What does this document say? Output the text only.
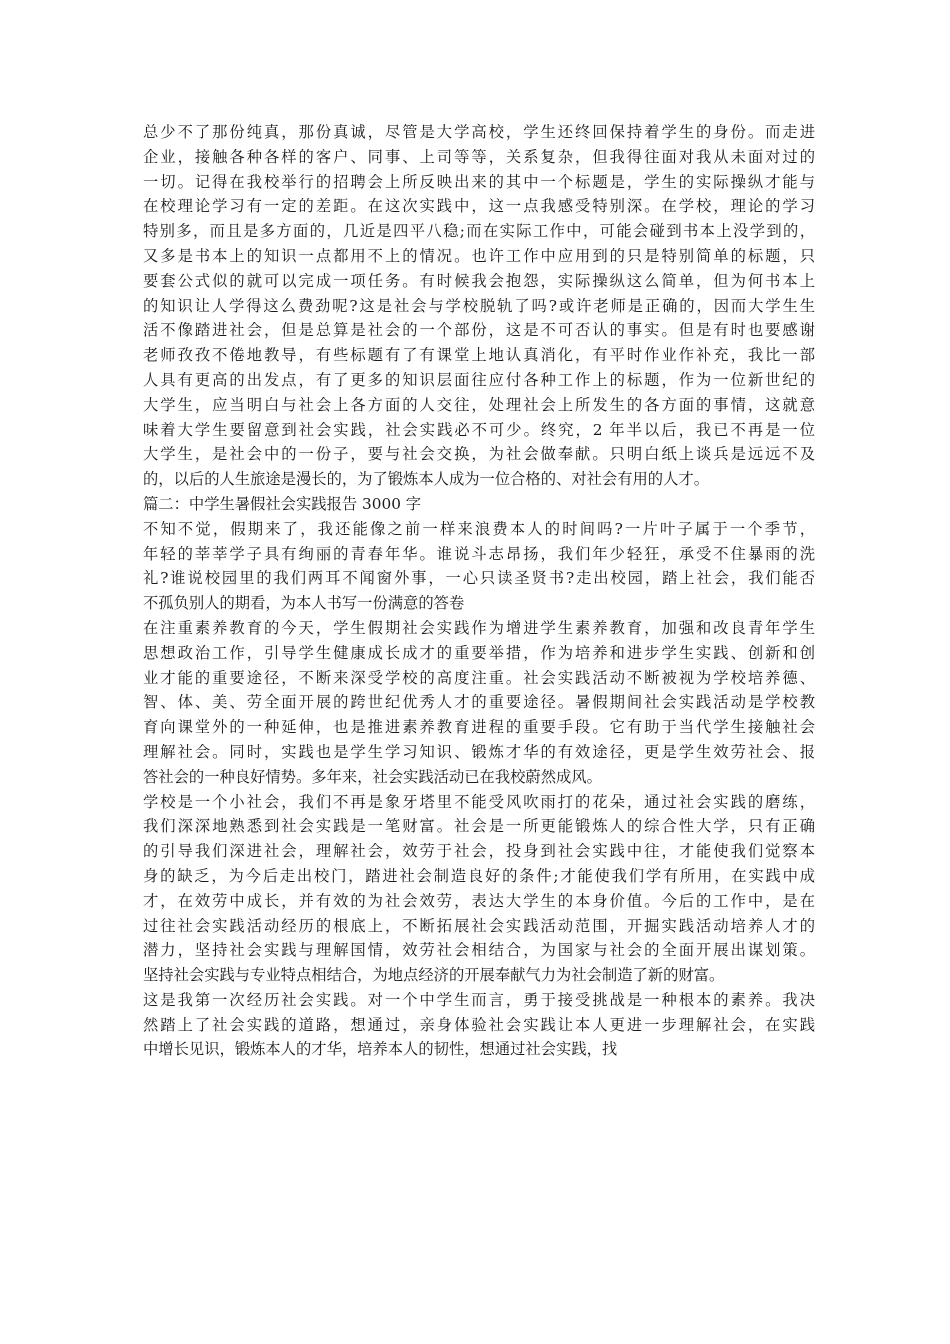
总少不了那份纯真，那份真诚，尽管是大学高校，学生还终回保持着学生的身份。而走进
企业，接触各种各样的客户、同事、上司等等，关系复杂，但我得往面对我从未面对过的
一切。记得在我校举行的招聘会上所反映出来的其中一个标题是，学生的实际操纵才能与
在校理论学习有一定的差距。在这次实践中，这一点我感受特别深。在学校，理论的学习
特别多，而且是多方面的，几近是四平八稳;而在实际工作中，可能会碰到书本上没学到的，
又多是书本上的知识一点都用不上的情况。也许工作中应用到的只是特别简单的标题，只
要套公式似的就可以完成一项任务。有时候我会抱怨，实际操纵这么简单，但为何书本上
的知识让人学得这么费劲呢?这是社会与学校脱轨了吗?或许老师是正确的，因而大学生生
活不像踏进社会，但是总算是社会的一个部份，这是不可否认的事实。但是有时也要感谢
老师孜孜不倦地教导，有些标题有了有课堂上地认真消化，有平时作业作补充，我比一部
人具有更高的出发点，有了更多的知识层面往应付各种工作上的标题，作为一位新世纪的
大学生，应当明白与社会上各方面的人交往，处理社会上所发生的各方面的事情，这就意
味着大学生要留意到社会实践，社会实践必不可少。终究，2 年半以后，我已不再是一位
大学生，是社会中的一份子，要与社会交换，为社会做奉献。只明白纸上谈兵是远远不及
的，以后的人生旅途是漫长的，为了锻炼本人成为一位合格的、对社会有用的人才。
篇二：中学生暑假社会实践报告 3000 字
不知不觉，假期来了，我还能像之前一样来浪费本人的时间吗?一片叶子属于一个季节，
年轻的莘莘学子具有绚丽的青春年华。谁说斗志昂扬，我们年少轻狂，承受不住暴雨的洗
礼?谁说校园里的我们两耳不闻窗外事，一心只读圣贤书?走出校园，踏上社会，我们能否
不孤负别人的期看，为本人书写一份满意的答卷
在注重素养教育的今天，学生假期社会实践作为增进学生素养教育，加强和改良青年学生
思想政治工作，引导学生健康成长成才的重要举措，作为培养和进步学生实践、创新和创
业才能的重要途径，不断来深受学校的高度注重。社会实践活动不断被视为学校培养德、
智、体、美、劳全面开展的跨世纪优秀人才的重要途径。暑假期间社会实践活动是学校教
育向课堂外的一种延伸，也是推进素养教育进程的重要手段。它有助于当代学生接触社会
理解社会。同时，实践也是学生学习知识、锻炼才华的有效途径，更是学生效劳社会、报
答社会的一种良好情势。多年来，社会实践活动已在我校蔚然成风。
学校是一个小社会，我们不再是象牙塔里不能受风吹雨打的花朵，通过社会实践的磨练，
我们深深地熟悉到社会实践是一笔财富。社会是一所更能锻炼人的综合性大学，只有正确
的引导我们深进社会，理解社会，效劳于社会，投身到社会实践中往，才能使我们觉察本
身的缺乏，为今后走出校门，踏进社会制造良好的条件;才能使我们学有所用，在实践中成
才，在效劳中成长，并有效的为社会效劳，表达大学生的本身价值。今后的工作中，是在
过往社会实践活动经历的根底上，不断拓展社会实践活动范围，开掘实践活动培养人才的
潜力，坚持社会实践与理解国情，效劳社会相结合，为国家与社会的全面开展出谋划策。
坚持社会实践与专业特点相结合，为地点经济的开展奉献气力为社会制造了新的财富。
这是我第一次经历社会实践。对一个中学生而言，勇于接受挑战是一种根本的素养。我决
然踏上了社会实践的道路，想通过，亲身体验社会实践让本人更进一步理解社会，在实践
中增长见识，锻炼本人的才华，培养本人的韧性，想通过社会实践，找
